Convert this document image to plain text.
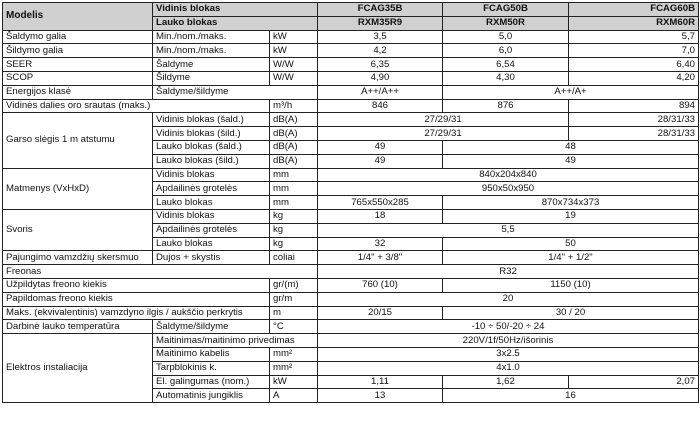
Modelis	Vidinis blokas		FCAG35B	FCAG50B	FCAG60B
	Lauko blokas		RXM35R9	RXM50R	RXM60R
Šaldymo galia	Min./nom./maks.	kW	3,5	5,0	5,7
Šildymo galia	Min./nom./maks.	kW	4,2	6,0	7,0
SEER	Šaldyme	W/W	6,35	6,54	6,40
SCOP	Šildyme	W/W	4,90	4,30	4,20
Energijos klasė	Šaldyme/šildyme		A++/A++	A++/A+	
Vidinės dalies oro srautas (maks.)		m³/h	846	876	894
Garso slėgis 1 m atstumu	Vidinis blokas (šald.)	dB(A)	27/29/31		28/31/33
	Vidinis blokas (šild.)	dB(A)	27/29/31		28/31/33
	Lauko blokas (šald.)	dB(A)	49	48	
	Lauko blokas (šild.)	dB(A)	49	49	
Matmenys (VxHxD)	Vidinis blokas	mm	840x204x840		
	Apdailinės grotelės	mm	950x50x950		
	Lauko blokas	mm	765x550x285	870x734x373	
Svoris	Vidinis blokas	kg	18	19	
	Apdailinės grotelės	kg	5,5		
	Lauko blokas	kg	32	50	
Pajungimo vamzdžių skersmuo	Dujos + skystis	coliai	1/4" + 3/8"	1/4" + 1/2"	
Freonas			R32		
Užpildytas freono kiekis		gr/(m)	760 (10)	1150 (10)	
Papildomas freono kiekis		gr/m	20		
Maks. (ekvivalentinis) vamzdyno ilgis / aukščio perkrytis		m	20/15	30 / 20	
Darbinė lauko temperatūra	Šaldyme/šildyme	°C	-10 ÷ 50/-20 ÷ 24		
Elektros instaliacija	Maitinimas/maitinimo privedimas		220V/1f/50Hz/išorinis		
	Maitinimo kabelis	mm²	3x2.5		
	Tarpblokinis k.	mm²	4x1.0		
	El. galingumas (nom.)	kW	1,11	1,62	2,07
	Automatinis jungiklis	A	13	16	
